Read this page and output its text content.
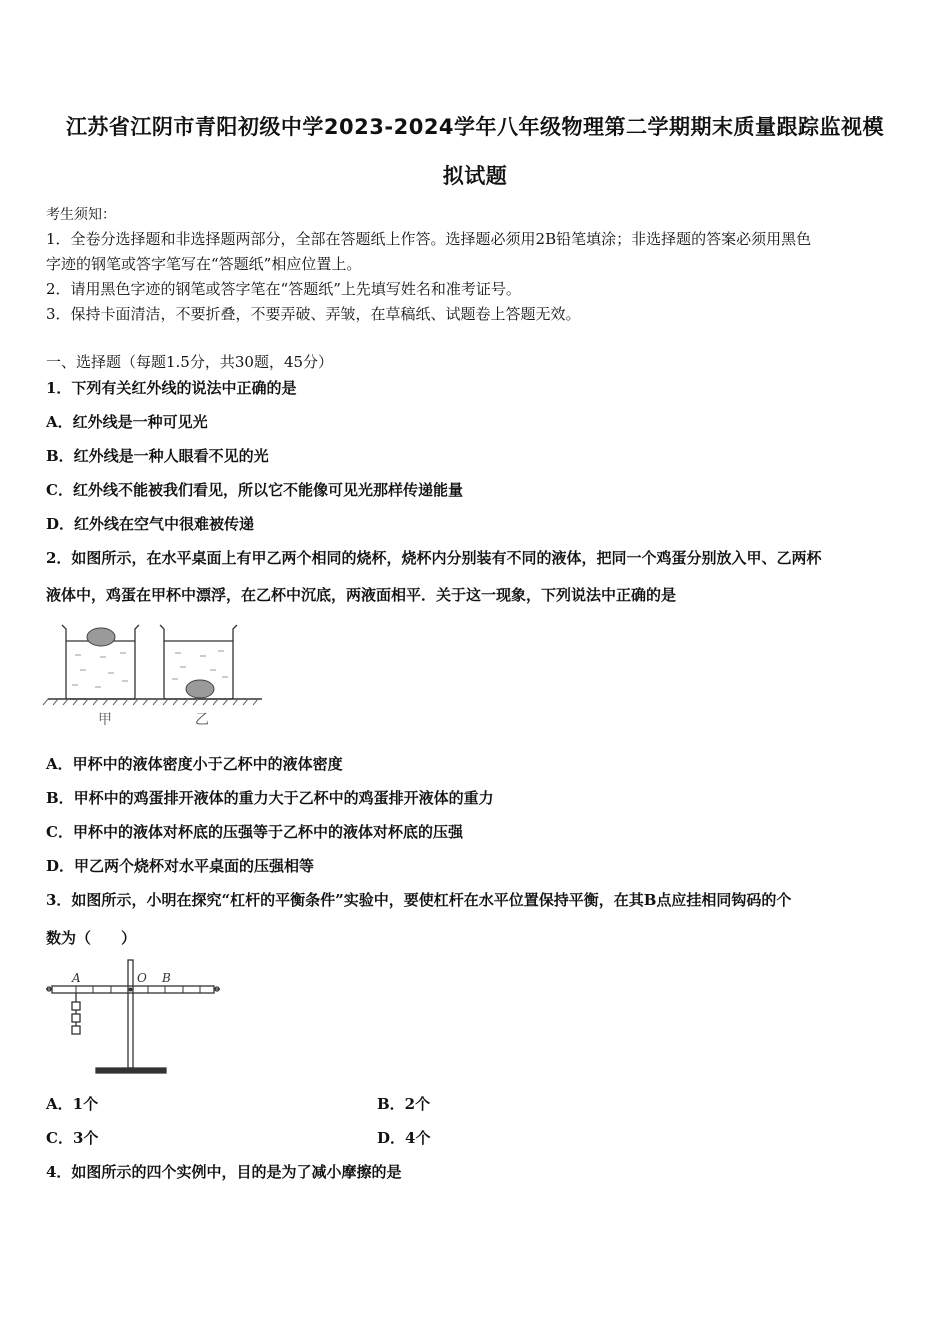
江苏省江阴市青阳初级中学2023-2024学年八年级物理第二学期期末质量跟踪监视模
拟试题
考生须知：
1．全卷分选择题和非选择题两部分，全部在答题纸上作答。选择题必须用2B铅笔填涂；非选择题的答案必须用黑色
字迹的钢笔或答字笔写在“答题纸”相应位置上。
2．请用黑色字迹的钢笔或答字笔在“答题纸”上先填写姓名和准考证号。
3．保持卡面清洁，不要折叠，不要弄破、弄皱，在草稿纸、试题卷上答题无效。
一、选择题（每题1.5分，共30题，45分）
1．下列有关红外线的说法中正确的是
A．红外线是一种可见光
B．红外线是一种人眼看不见的光
C．红外线不能被我们看见，所以它不能像可见光那样传递能量
D．红外线在空气中很难被传递
2．如图所示，在水平桌面上有甲乙两个相同的烧杯，烧杯内分别装有不同的液体，把同一个鸡蛋分别放入甲、乙两杯
液体中，鸡蛋在甲杯中漂浮，在乙杯中沉底，两液面相平．关于这一现象，下列说法中正确的是
甲	乙
A．甲杯中的液体密度小于乙杯中的液体密度
B．甲杯中的鸡蛋排开液体的重力大于乙杯中的鸡蛋排开液体的重力
C．甲杯中的液体对杯底的压强等于乙杯中的液体对杯底的压强
D．甲乙两个烧杯对水平桌面的压强相等
3．如图所示，小明在探究“杠杆的平衡条件”实验中，要使杠杆在水平位置保持平衡，在其B点应挂相同钩码的个
数为（　　）
A	O B
A．1个	B．2个
C．3个	D．4个
4．如图所示的四个实例中，目的是为了减小摩擦的是
